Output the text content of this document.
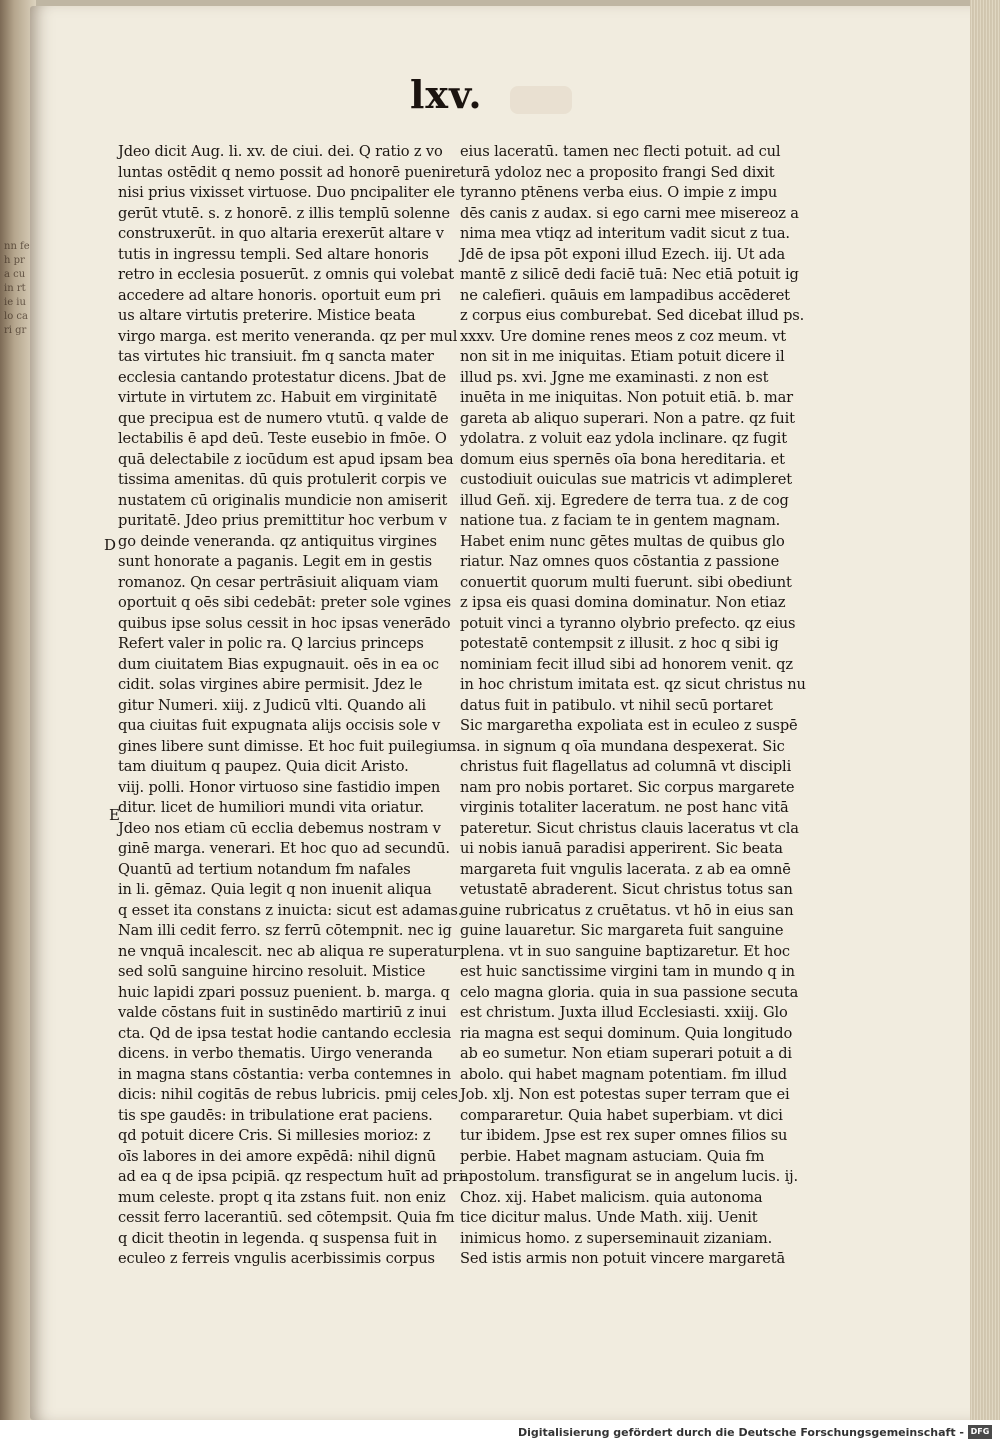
nn fe h pra cu in rt ie iu lo ca ri gr
lxv.
D
E
Jdeo dicit Aug. li. xv. de ciui. dei. Q ratio z vo
luntas ostēdit q nemo possit ad honorē puenire
nisi prius vixisset virtuose. Duo pncipaliter ele
gerūt vtutē. s. z honorē. z illis templū solenne
construxerūt. in quo altaria erexerūt altare v
tutis in ingressu templi. Sed altare honoris
retro in ecclesia posuerūt. z omnis qui volebat
accedere ad altare honoris. oportuit eum pri
us altare virtutis preterire. Mistice beata
virgo marga. est merito veneranda. qz per mul
tas virtutes hic transiuit. fm q sancta mater
ecclesia cantando protestatur dicens. Jbat de
virtute in virtutem zc. Habuit em virginitatē
que precipua est de numero vtutū. q valde de
lectabilis ē apd deū. Teste eusebio in fmōe. O
quā delectabile z iocūdum est apud ipsam bea
tissima amenitas. dū quis protulerit corpis ve
nustatem cū originalis mundicie non amiserit
puritatē. Jdeo prius premittitur hoc verbum v
go deinde veneranda. qz antiquitus virgines
sunt honorate a paganis. Legit em in gestis
romanoz. Qn cesar pertrāsiuit aliquam viam
oportuit q oēs sibi cedebāt: preter sole vgines
quibus ipse solus cessit in hoc ipsas venerādo
Refert valer in polic ra. Q larcius princeps
dum ciuitatem Bias expugnauit. oēs in ea oc
cidit. solas virgines abire permisit. Jdez le
gitur Numeri. xiij. z Judicū vlti. Quando ali
qua ciuitas fuit expugnata alijs occisis sole v
gines libere sunt dimisse. Et hoc fuit puilegium
tam diuitum q paupez. Quia dicit Aristo.
viij. polli. Honor virtuoso sine fastidio impen
ditur. licet de humiliori mundi vita oriatur.
Jdeo nos etiam cū ecclia debemus nostram v
ginē marga. venerari. Et hoc quo ad secundū.
Quantū ad tertium notandum fm nafales
in li. gēmaz. Quia legit q non inuenit aliqua
q esset ita constans z inuicta: sicut est adamas.
Nam illi cedit ferro. sz ferrū cōtempnit. nec ig
ne vnquā incalescit. nec ab aliqua re superatur
sed solū sanguine hircino resoluit. Mistice
huic lapidi zpari possuz puenient. b. marga. q
valde cōstans fuit in sustinēdo martiriū z inui
cta. Qd de ipsa testat hodie cantando ecclesia
dicens. in verbo thematis. Uirgo veneranda
in magna stans cōstantia: verba contemnes in
dicis: nihil cogitās de rebus lubricis. pmij celes
tis spe gaudēs: in tribulatione erat paciens.
qd potuit dicere Cris. Si millesies morioz: z
oīs labores in dei amore expēdā: nihil dignū
ad ea q de ipsa pcipiā. qz respectum huīt ad pri
mum celeste. propt q ita zstans fuit. non eniz
cessit ferro lacerantiū. sed cōtempsit. Quia fm
q dicit theotin in legenda. q suspensa fuit in
eculeo z ferreis vngulis acerbissimis corpus
eius laceratū. tamen nec flecti potuit. ad cul
turā ydoloz nec a proposito frangi Sed dixit
tyranno ptēnens verba eius. O impie z impu
dēs canis z audax. si ego carni mee misereoz a
nima mea vtiqz ad interitum vadit sicut z tua.
Jdē de ipsa pōt exponi illud Ezech. iij. Ut ada
mantē z silicē dedi faciē tuā: Nec etiā potuit ig
ne calefieri. quāuis em lampadibus accēderet
z corpus eius comburebat. Sed dicebat illud ps.
xxxv. Ure domine renes meos z coz meum. vt
non sit in me iniquitas. Etiam potuit dicere il
illud ps. xvi. Jgne me examinasti. z non est
inuēta in me iniquitas. Non potuit etiā. b. mar
gareta ab aliquo superari. Non a patre. qz fuit
ydolatra. z voluit eaz ydola inclinare. qz fugit
domum eius spernēs oīa bona hereditaria. et
custodiuit ouiculas sue matricis vt adimpleret
illud Geñ. xij. Egredere de terra tua. z de cog
natione tua. z faciam te in gentem magnam.
Habet enim nunc gētes multas de quibus glo
riatur. Naz omnes quos cōstantia z passione
conuertit quorum multi fuerunt. sibi obediunt
z ipsa eis quasi domina dominatur. Non etiaz
potuit vinci a tyranno olybrio prefecto. qz eius
potestatē contempsit z illusit. z hoc q sibi ig
nominiam fecit illud sibi ad honorem venit. qz
in hoc christum imitata est. qz sicut christus nu
datus fuit in patibulo. vt nihil secū portaret
Sic margaretha expoliata est in eculeo z suspē
sa. in signum q oīa mundana despexerat. Sic
christus fuit flagellatus ad columnā vt discipli
nam pro nobis portaret. Sic corpus margarete
virginis totaliter laceratum. ne post hanc vitā
pateretur. Sicut christus clauis laceratus vt cla
ui nobis ianuā paradisi apperirent. Sic beata
margareta fuit vngulis lacerata. z ab ea omnē
vetustatē abraderent. Sicut christus totus san
guine rubricatus z cruētatus. vt hō in eius san
guine lauaretur. Sic margareta fuit sanguine
plena. vt in suo sanguine baptizaretur. Et hoc
est huic sanctissime virgini tam in mundo q in
celo magna gloria. quia in sua passione secuta
est christum. Juxta illud Ecclesiasti. xxiij. Glo
ria magna est sequi dominum. Quia longitudo
ab eo sumetur. Non etiam superari potuit a di
abolo. qui habet magnam potentiam. fm illud
Job. xlj. Non est potestas super terram que ei
compararetur. Quia habet superbiam. vt dici
tur ibidem. Jpse est rex super omnes filios su
perbie. Habet magnam astuciam. Quia fm
apostolum. transfigurat se in angelum lucis. ij.
Choz. xij. Habet malicism. quia autonoma
tice dicitur malus. Unde Math. xiij. Uenit
inimicus homo. z superseminauit zizaniam.
Sed istis armis non potuit vincere margaretā
Digitalisierung gefördert durch die Deutsche Forschungsgemeinschaft - DFG
